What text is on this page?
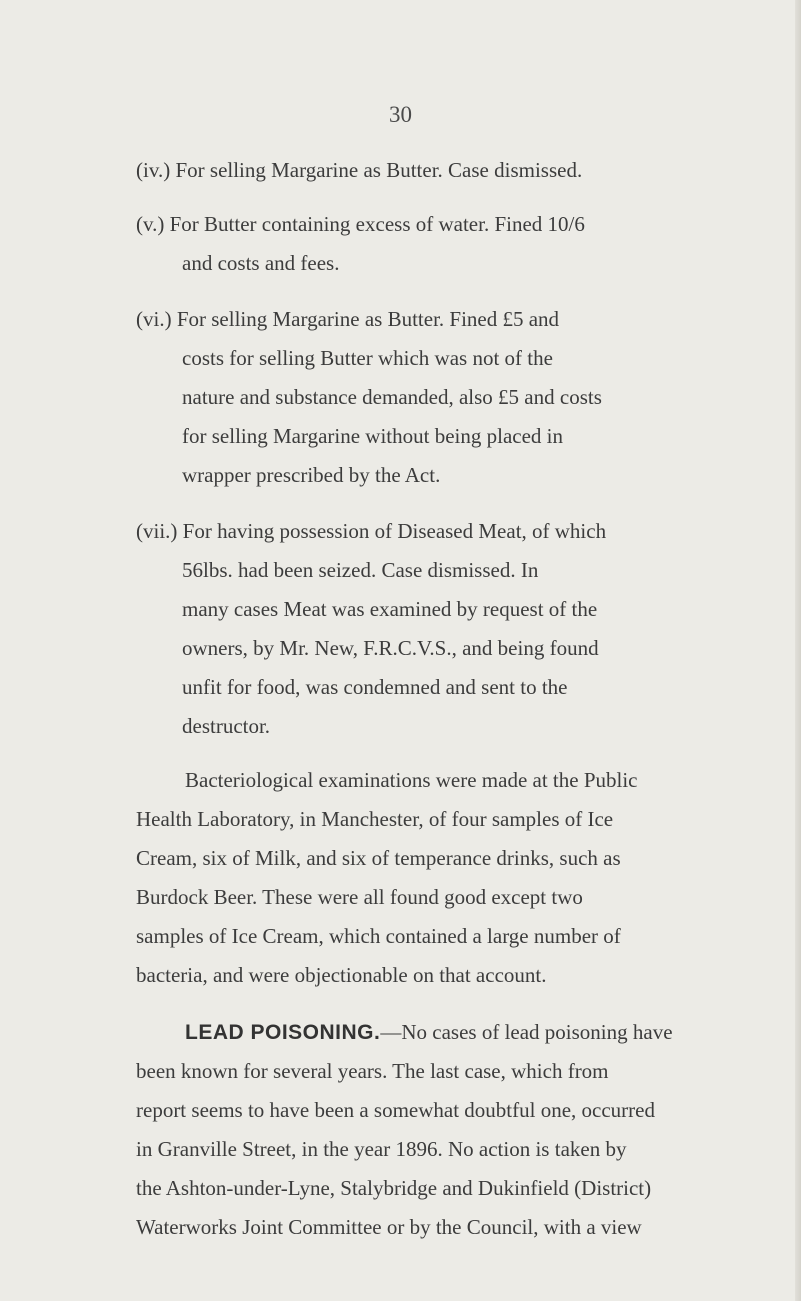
30
(iv.) For selling Margarine as Butter. Case dismissed.
(v.) For Butter containing excess of water. Fined 10/6
and costs and fees.
(vi.) For selling Margarine as Butter. Fined £5 and
costs for selling Butter which was not of the
nature and substance demanded, also £5 and costs
for selling Margarine without being placed in
wrapper prescribed by the Act.
(vii.) For having possession of Diseased Meat, of which
56lbs. had been seized. Case dismissed. In
many cases Meat was examined by request of the
owners, by Mr. New, F.R.C.V.S., and being found
unfit for food, was condemned and sent to the
destructor.
Bacteriological examinations were made at the Public
Health Laboratory, in Manchester, of four samples of Ice
Cream, six of Milk, and six of temperance drinks, such as
Burdock Beer. These were all found good except two
samples of Ice Cream, which contained a large number of
bacteria, and were objectionable on that account.
LEAD POISONING.—No cases of lead poisoning have
been known for several years. The last case, which from
report seems to have been a somewhat doubtful one, occurred
in Granville Street, in the year 1896. No action is taken by
the Ashton-under-Lyne, Stalybridge and Dukinfield (District)
Waterworks Joint Committee or by the Council, with a view
